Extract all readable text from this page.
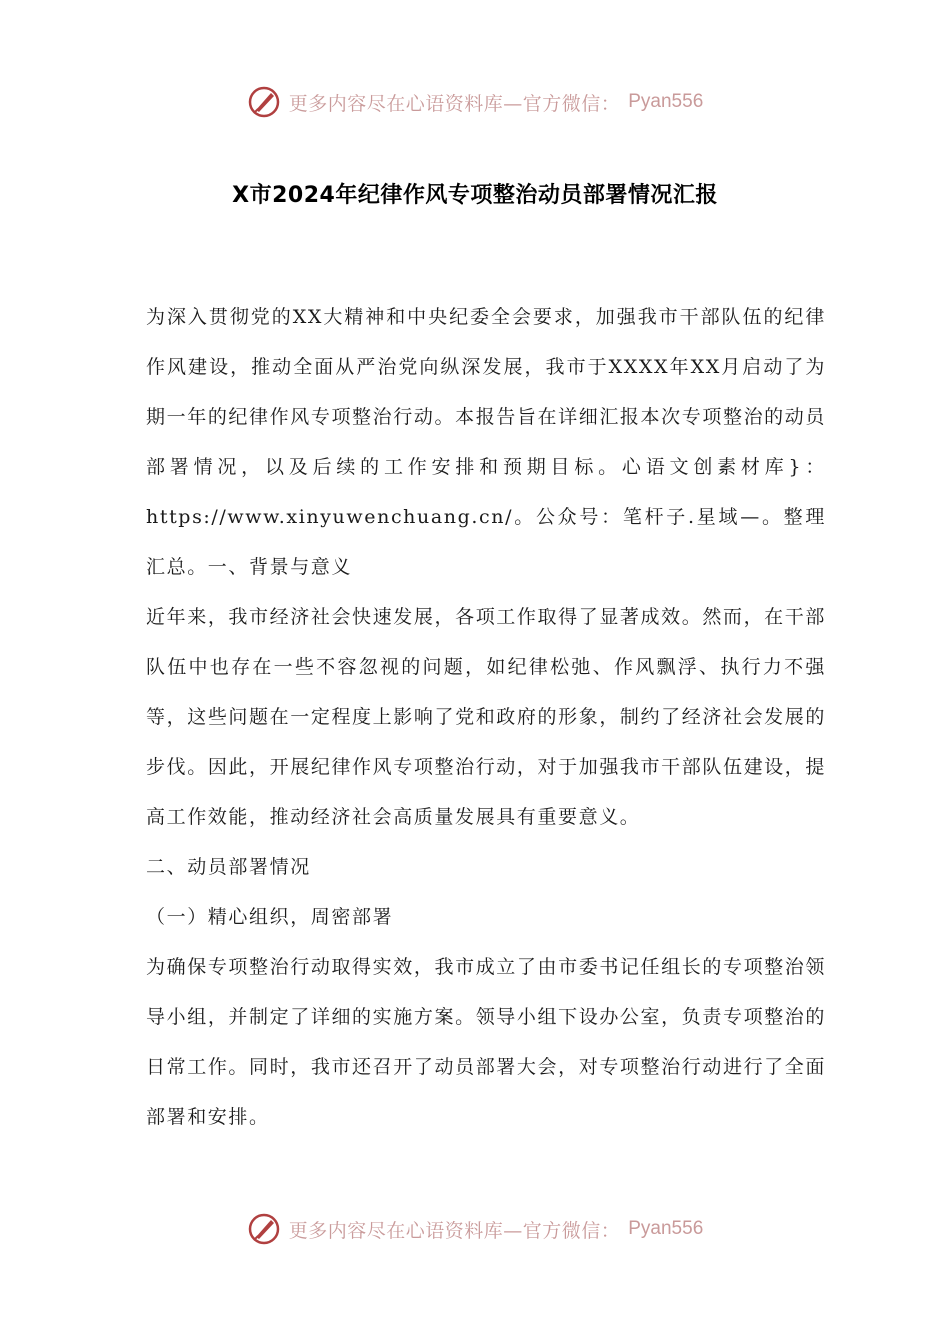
更多内容尽在心语资料库—官方微信： Pyan556
X市2024年纪律作风专项整治动员部署情况汇报

为深入贯彻党的XX大精神和中央纪委全会要求，加强我市干部队伍的纪律作风建设，推动全面从严治党向纵深发展，我市于XXXX年XX月启动了为期一年的纪律作风专项整治行动。本报告旨在详细汇报本次专项整治的动员部署情况，以及后续的工作安排和预期目标。心语文创素材库}：https://www.xinyuwenchuang.cn/。公众号：笔杆子.星域—。整理汇总。一、背景与意义

近年来，我市经济社会快速发展，各项工作取得了显著成效。然而，在干部队伍中也存在一些不容忽视的问题，如纪律松弛、作风飘浮、执行力不强等，这些问题在一定程度上影响了党和政府的形象，制约了经济社会发展的步伐。因此，开展纪律作风专项整治行动，对于加强我市干部队伍建设，提高工作效能，推动经济社会高质量发展具有重要意义。

二、动员部署情况

（一）精心组织，周密部署

为确保专项整治行动取得实效，我市成立了由市委书记任组长的专项整治领导小组，并制定了详细的实施方案。领导小组下设办公室，负责专项整治的日常工作。同时，我市还召开了动员部署大会，对专项整治行动进行了全面部署和安排。

更多内容尽在心语资料库—官方微信： Pyan556
